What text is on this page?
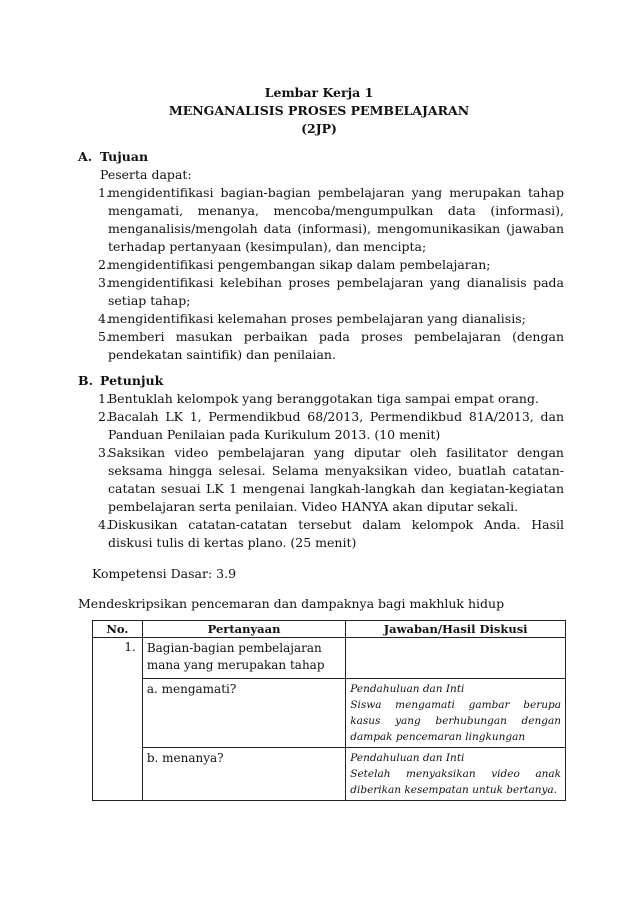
Lembar Kerja 1
MENGANALISIS PROSES PEMBELAJARAN
(2JP)
A. Tujuan
Peserta dapat:
1.
mengidentifikasi bagian-bagian pembelajaran yang merupakan tahap mengamati, menanya, mencoba/mengumpulkan data (informasi), menganalisis/mengolah data (informasi), mengomunikasikan (jawaban terhadap pertanyaan (kesimpulan), dan mencipta;
2.
mengidentifikasi pengembangan sikap dalam pembelajaran;
3.
mengidentifikasi kelebihan proses pembelajaran yang dianalisis pada setiap tahap;
4.
mengidentifikasi kelemahan proses pembelajaran yang dianalisis;
5.
memberi masukan perbaikan pada proses pembelajaran (dengan pendekatan saintifik) dan penilaian.
B. Petunjuk
1.
Bentuklah kelompok yang beranggotakan tiga sampai empat orang.
2.
Bacalah LK 1, Permendikbud 68/2013, Permendikbud 81A/2013, dan Panduan Penilaian pada Kurikulum 2013. (10 menit)
3.
Saksikan video pembelajaran yang diputar oleh fasilitator dengan seksama hingga selesai. Selama menyaksikan video, buatlah catatan-catatan sesuai LK 1 mengenai langkah-langkah dan kegiatan-kegiatan pembelajaran serta penilaian. Video HANYA akan diputar sekali.
4.
Diskusikan catatan-catatan tersebut dalam kelompok Anda. Hasil diskusi tulis di kertas plano. (25 menit)
Kompetensi Dasar: 3.9
Mendeskripsikan pencemaran dan dampaknya bagi makhluk hidup
No.	Pertanyaan	Jawaban/Hasil Diskusi
1.	Bagian-bagian pembelajaran mana yang merupakan tahap	
	a. mengamati?	Pendahuluan dan Inti
Siswa mengamati gambar berupa kasus yang berhubungan dengan dampak pencemaran lingkungan

	b. menanya?	Pendahuluan dan Inti
Setelah menyaksikan video anak diberikan kesempatan untuk bertanya.
